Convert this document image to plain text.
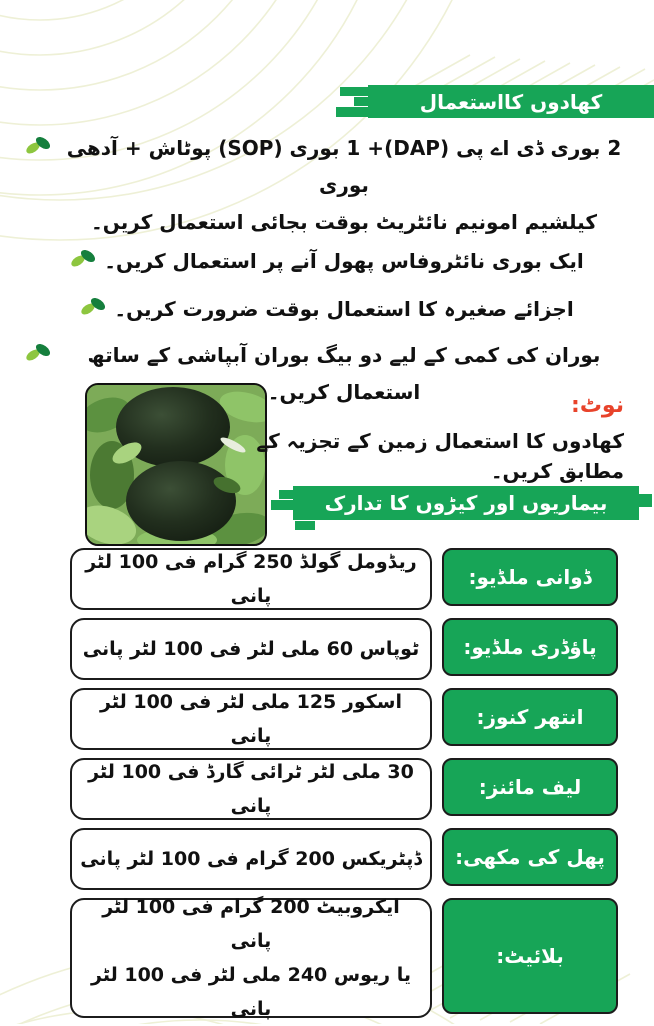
کھادوں کااستعمال
2 بوری ڈی اے پی (DAP)+ 1 بوری (SOP) پوٹاش + آدھی بوری
کیلشیم امونیم نائٹریٹ بوقت بجائی استعمال کریں۔
ایک بوری نائٹروفاس پھول آنے پر استعمال کریں۔
اجزائے صغیرہ کا استعمال بوقت ضرورت کریں۔
بوران کی کمی کے لیے دو بیگ بوران آبپاشی کے ساتھ استعمال کریں۔
نوٹ:
کھادوں کا استعمال زمین کے تجزیہ کے مطابق کریں۔
بیماریوں اور کیڑوں کا تدارک
ڈوانی ملڈیو:
ریڈومل گولڈ 250 گرام فی 100 لٹر پانی
پاؤڈری ملڈیو:
ٹوپاس 60 ملی لٹر فی 100 لٹر پانی
انتھر کنوز:
اسکور 125 ملی لٹر فی 100 لٹر پانی
لیف مائنز:
30 ملی لٹر ٹرائی گارڈ فی 100 لٹر پانی
پھل کی مکھی:
ڈپٹریکس 200 گرام فی 100 لٹر پانی
بلائیٹ:
ایکروبیٹ 200 گرام فی 100 لٹر پانی
یا ریوس 240 ملی لٹر فی 100 لٹر پانی
